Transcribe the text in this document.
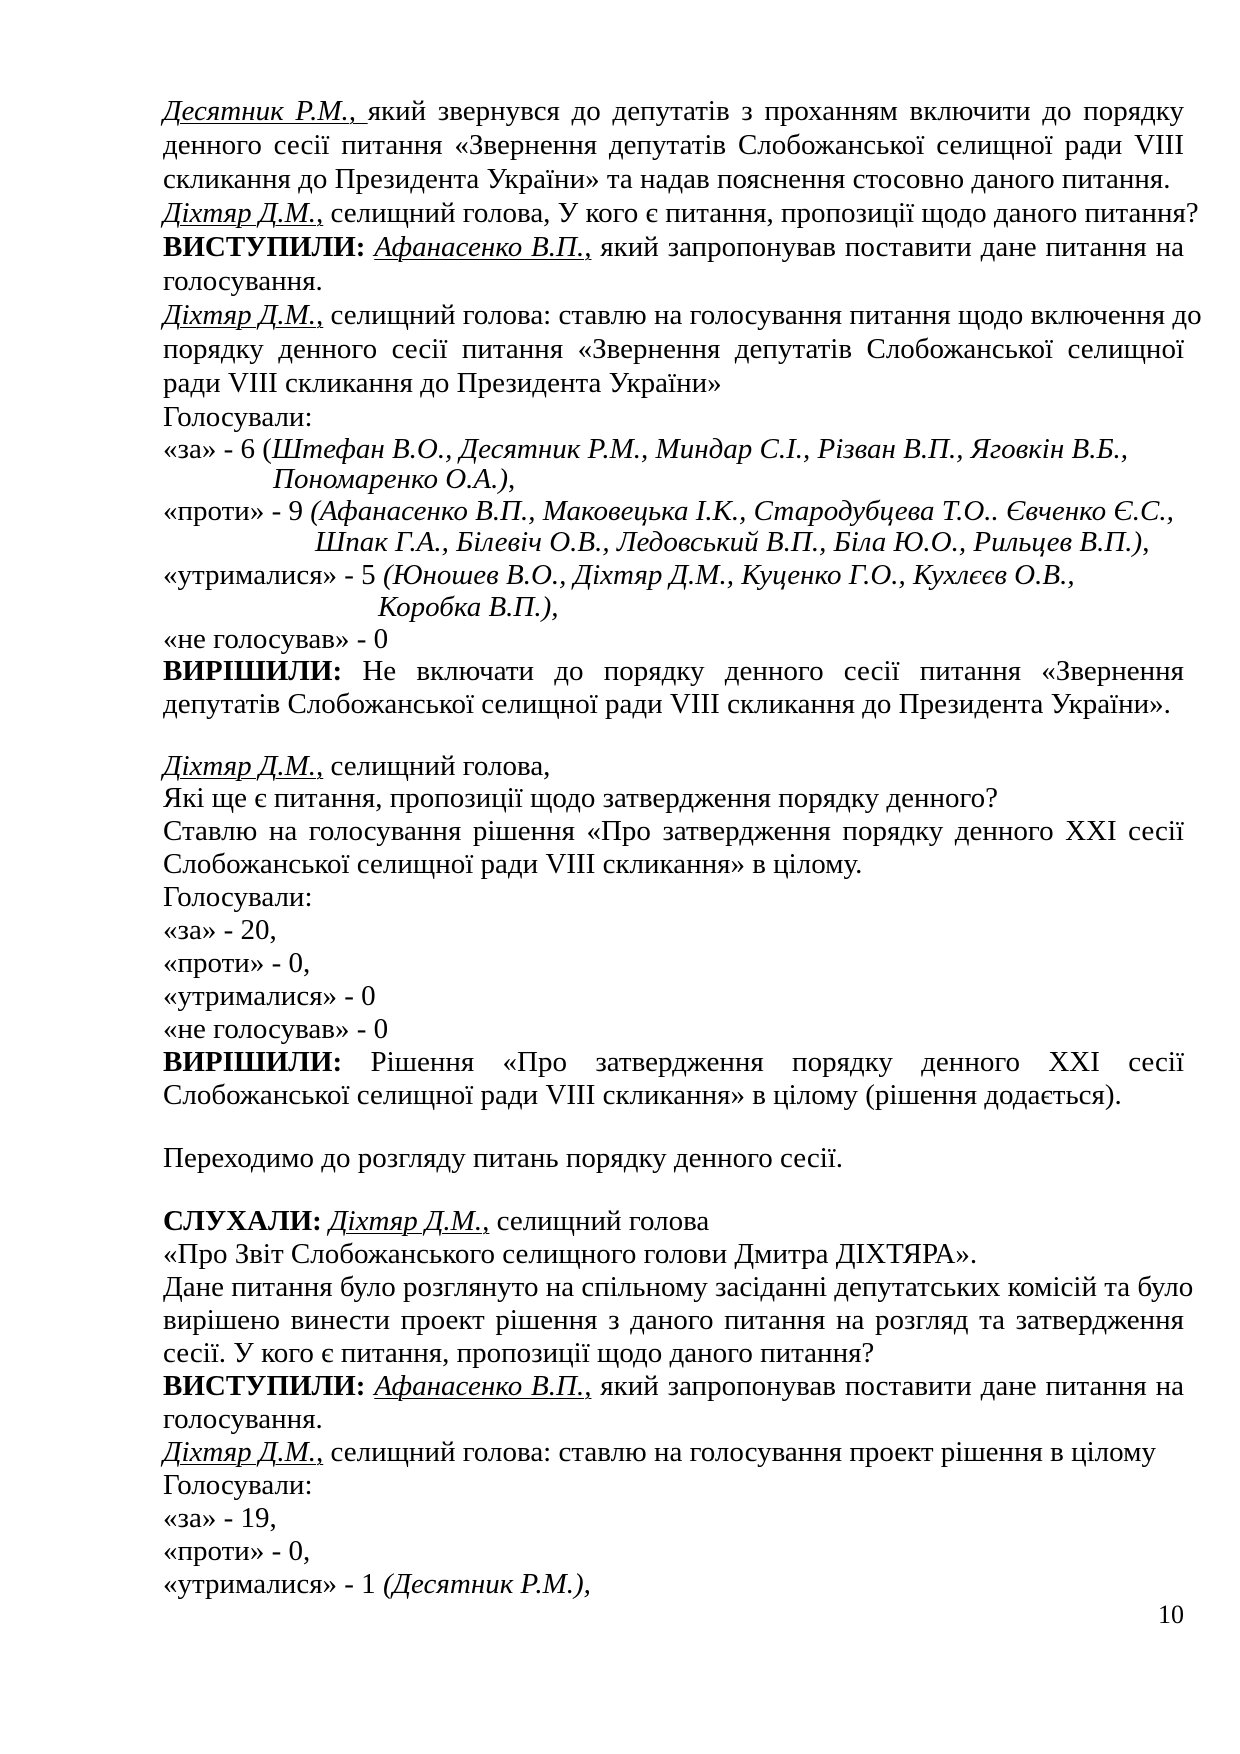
Десятник Р.М., який звернувся до депутатів з проханням включити до порядку
денного сесії питання «Звернення депутатів Слобожанської селищної ради VIII
скликання до Президента України» та надав пояснення стосовно даного питання.
Діхтяр Д.М., селищний голова, У кого є питання, пропозиції щодо даного питання?
ВИСТУПИЛИ: Афанасенко В.П., який запропонував поставити дане питання на
голосування.
Діхтяр Д.М., селищний голова: ставлю на голосування питання щодо включення до
порядку денного сесії питання «Звернення депутатів Слобожанської селищної
ради VIII скликання до Президента України»
Голосували:
«за» - 6 (Штефан В.О., Десятник Р.М., Миндар С.І., Різван В.П., Яговкін В.Б.,
Пономаренко О.А.),
«проти» - 9 (Афанасенко В.П., Маковецька І.К., Стародубцева Т.О.. Євченко Є.С.,
Шпак Г.А., Білевіч О.В., Ледовський В.П., Біла Ю.О., Рильцев В.П.),
«утрималися» - 5 (Юношев В.О., Діхтяр Д.М., Куценко Г.О., Кухлєєв О.В.,
Коробка В.П.),
«не голосував» - 0
ВИРІШИЛИ: Не включати до порядку денного сесії питання «Звернення
депутатів Слобожанської селищної ради VIII скликання до Президента України».
Діхтяр Д.М., селищний голова,
Які ще є питання, пропозиції щодо затвердження порядку денного?
Ставлю на голосування рішення «Про затвердження порядку денного XXI сесії
Слобожанської селищної ради VIII скликання» в цілому.
Голосували:
«за» - 20,
«проти» - 0,
«утрималися» - 0
«не голосував» - 0
ВИРІШИЛИ: Рішення «Про затвердження порядку денного XXI сесії
Слобожанської селищної ради VIII скликання» в цілому (рішення додається).
Переходимо до розгляду питань порядку денного сесії.
СЛУХАЛИ: Діхтяр Д.М., селищний голова
«Про Звіт Слобожанського селищного голови Дмитра ДІХТЯРА».
Дане питання було розглянуто на спільному засіданні депутатських комісій та було
вирішено винести проект рішення з даного питання на розгляд та затвердження
сесії. У кого є питання, пропозиції щодо даного питання?
ВИСТУПИЛИ: Афанасенко В.П., який запропонував поставити дане питання на
голосування.
Діхтяр Д.М., селищний голова: ставлю на голосування проект рішення в цілому
Голосували:
«за» - 19,
«проти» - 0,
«утрималися» - 1 (Десятник Р.М.),
10
